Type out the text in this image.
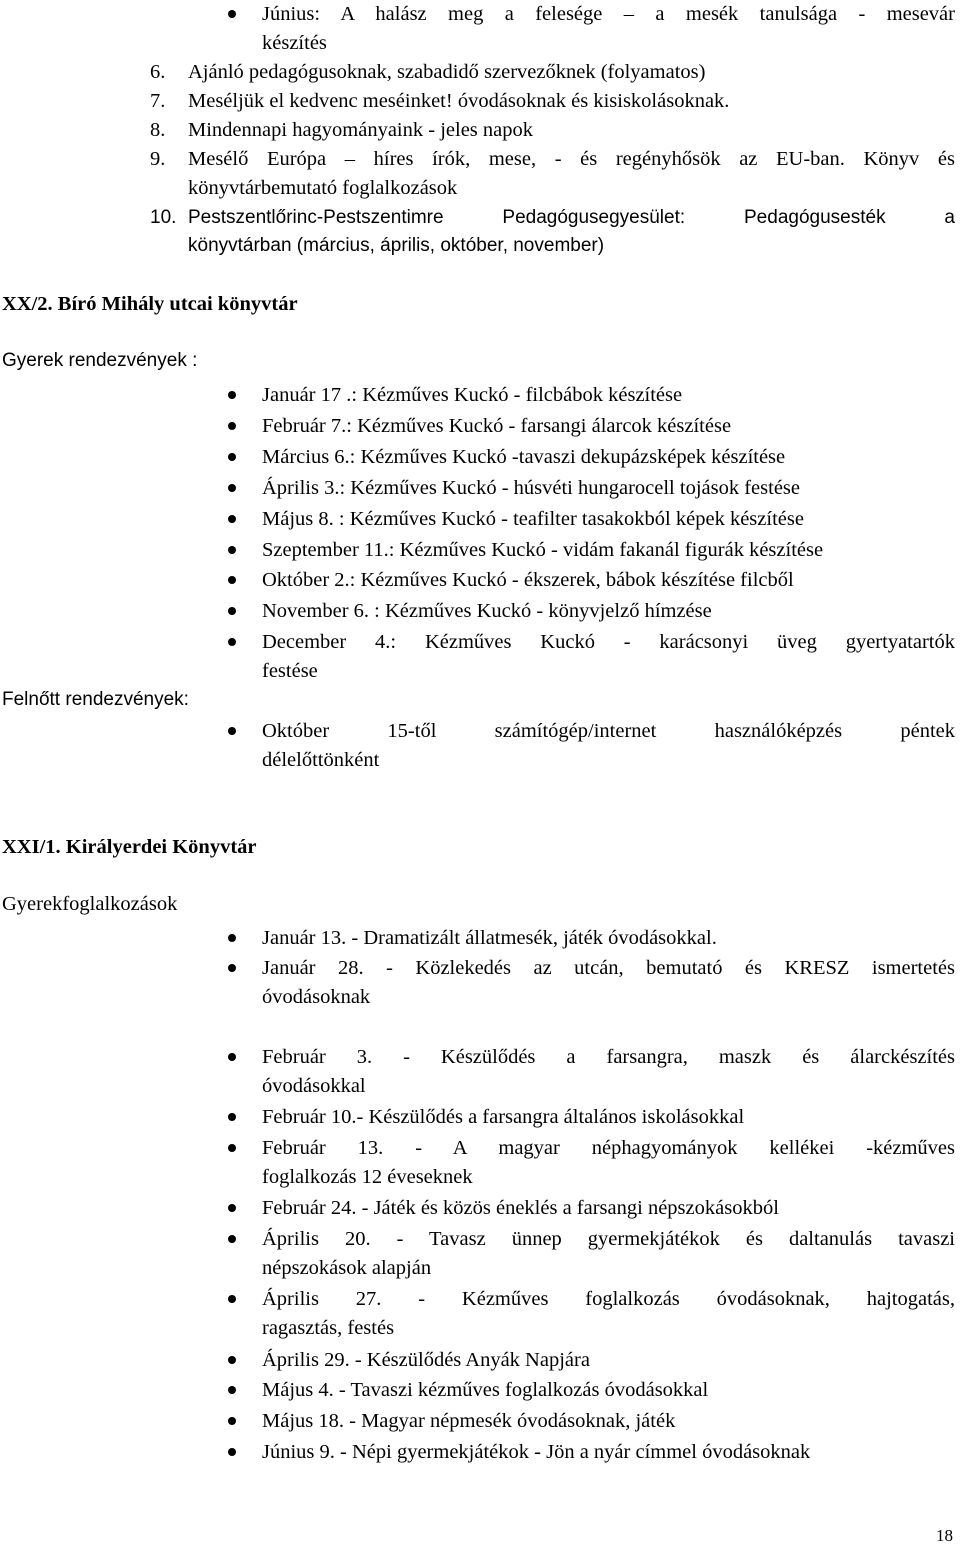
Június: A halász meg a felesége – a mesék tanulsága - mesevár
készítés
6. Ajánló pedagógusoknak, szabadidő szervezőknek (folyamatos)
7. Meséljük el kedvenc meséinket! óvodásoknak és kisiskolásoknak.
8. Mindennapi hagyományaink - jeles napok
9. Mesélő Európa – híres írók, mese, - és regényhősök az EU-ban. Könyv és
könyvtárbemutató foglalkozások
10. Pestszentlőrinc-Pestszentimre Pedagógusegyesület: Pedagógusesték a
könyvtárban (március, április, október, november)
XX/2. Bíró Mihály utcai könyvtár
Gyerek rendezvények :
Január 17 .: Kézműves Kuckó - filcbábok készítése
Február 7.: Kézműves Kuckó - farsangi álarcok készítése
Március 6.: Kézműves Kuckó -tavaszi dekupázsképek készítése
Április 3.: Kézműves Kuckó - húsvéti hungarocell tojások festése
Május 8. : Kézműves Kuckó - teafilter tasakokból képek készítése
Szeptember 11.: Kézműves Kuckó - vidám fakanál figurák készítése
Október 2.: Kézműves Kuckó - ékszerek, bábok készítése filcből
November 6. : Kézműves Kuckó - könyvjelző hímzése
December 4.: Kézműves Kuckó - karácsonyi üveg gyertyatartók
festése
Felnőtt rendezvények:
Október 15-től számítógép/internet használóképzés péntek
délelőttönként
XXI/1. Királyerdei Könyvtár
Gyerekfoglalkozások
Január 13. - Dramatizált állatmesék, játék óvodásokkal.
Január 28. - Közlekedés az utcán, bemutató és KRESZ ismertetés
óvodásoknak
Február 3. - Készülődés a farsangra, maszk és álarckészítés
óvodásokkal
Február 10.- Készülődés a farsangra általános iskolásokkal
Február 13. - A magyar néphagyományok kellékei -kézműves
foglalkozás 12 éveseknek
Február 24. - Játék és közös éneklés a farsangi népszokásokból
Április 20. - Tavasz ünnep gyermekjátékok és daltanulás tavaszi
népszokások alapján
Április 27. - Kézműves foglalkozás óvodásoknak, hajtogatás,
ragasztás, festés
Április 29. - Készülődés Anyák Napjára
Május 4. - Tavaszi kézműves foglalkozás óvodásokkal
Május 18. - Magyar népmesék óvodásoknak, játék
Június 9. - Népi gyermekjátékok - Jön a nyár címmel óvodásoknak
18
